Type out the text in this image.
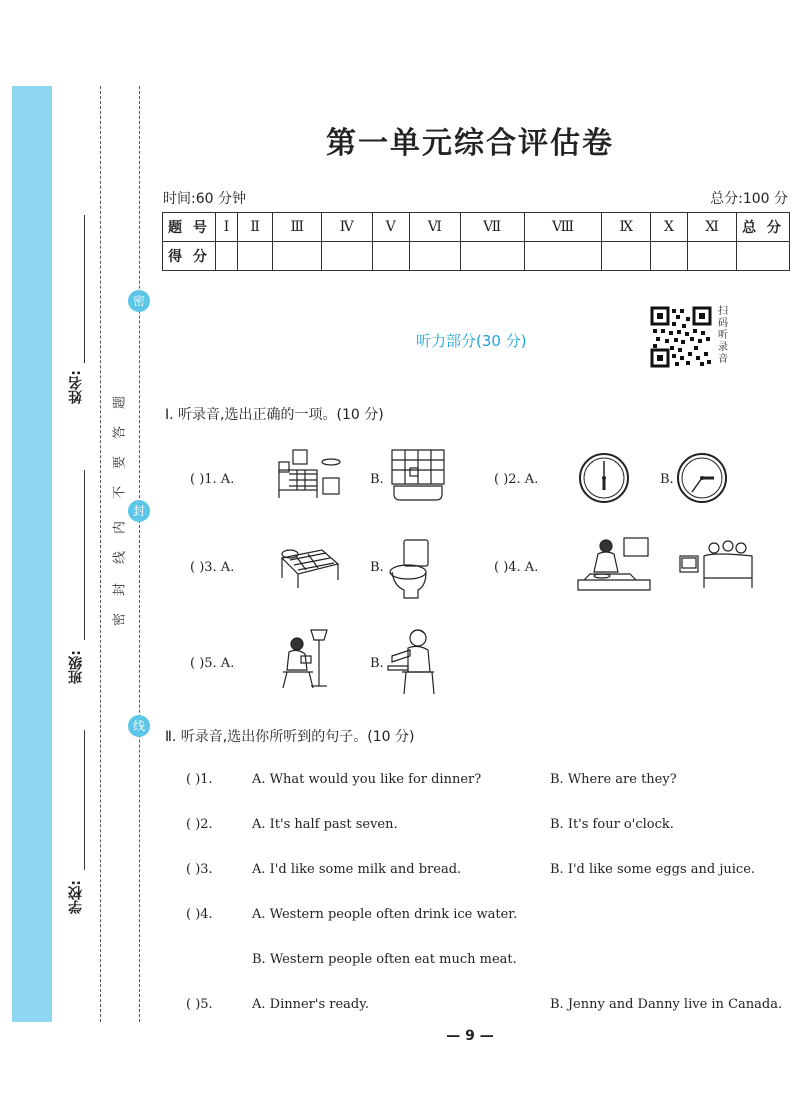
学校:
班级:
姓名:
密
封
线
题
答
要
不
内
线
封
密
第一单元综合评估卷
时间:60 分钟	总分:100 分
题 号	Ⅰ	Ⅱ	Ⅲ	Ⅳ	Ⅴ	Ⅵ	Ⅶ	Ⅷ	Ⅸ	Ⅹ	Ⅺ	总 分
得 分												
听力部分(30 分)
扫
码
听
录
音
Ⅰ. 听录音,选出正确的一项。(10 分)
( )1. A.	B.	( )2. A.	B.
( )3. A.	B.	( )4. A.
( )5. A.	B.
Ⅱ. 听录音,选出你所听到的句子。(10 分)
( )1.	A. What would you like for dinner?	B. Where are they?
( )2.	A. It's half past seven.	B. It's four o'clock.
( )3.	A. I'd like some milk and bread.	B. I'd like some eggs and juice.
( )4.	A. Western people often drink ice water.
B. Western people often eat much meat.
( )5.	A. Dinner's ready.	B. Jenny and Danny live in Canada.
— 9 —
